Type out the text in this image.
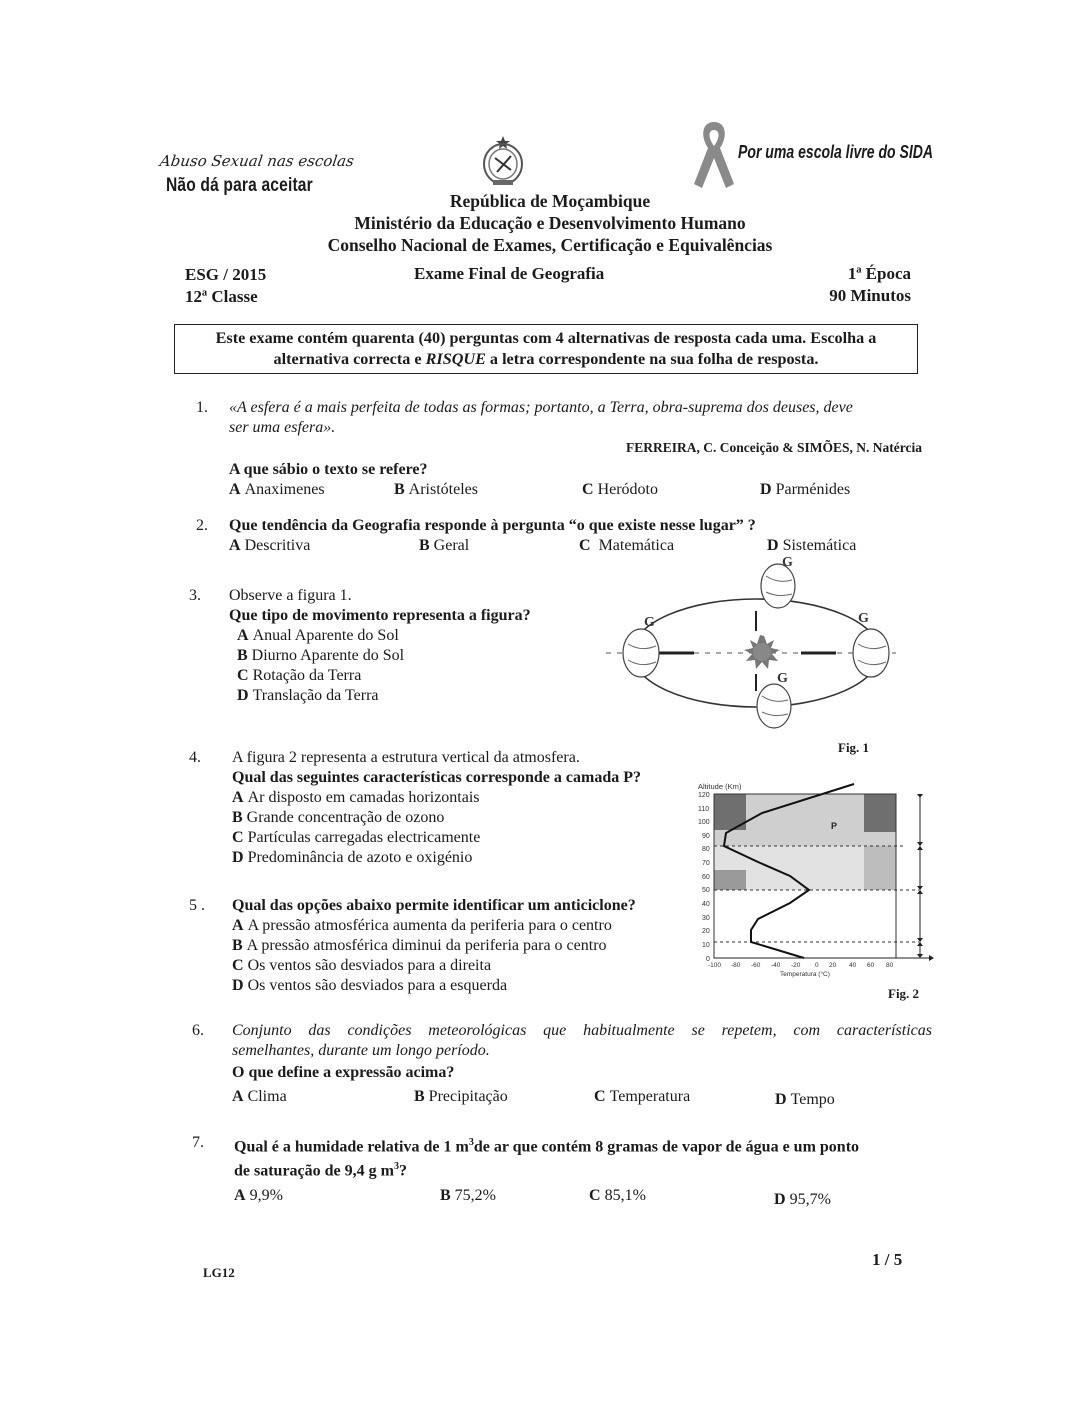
Abuso Sexual nas escolas
Não dá para aceitar
Por uma escola livre do SIDA
República de Moçambique
Ministério da Educação e Desenvolvimento Humano
Conselho Nacional de Exames, Certificação e Equivalências
ESG / 2015
12ª Classe
Exame Final de Geografia	1ª Época
90 Minutos
Este exame contém quarenta (40) perguntas com 4 alternativas de resposta cada uma. Escolha a
alternativa correcta e RISQUE a letra correspondente na sua folha de resposta.
1.	«A esfera é a mais perfeita de todas as formas; portanto, a Terra, obra-suprema dos deuses, deve
ser uma esfera».
FERREIRA, C. Conceição & SIMÕES, N. Natércia
A que sábio o texto se refere?
A Anaximenes	B Aristóteles	C Heródoto	D Parménides
2.	Que tendência da Geografia responde à pergunta “o que existe nesse lugar” ?
A Descritiva	B Geral	C Matemática	D Sistemática
3.	Observe a figura 1.
Que tipo de movimento representa a figura?
A Anual Aparente do Sol
B Diurno Aparente do Sol
C Rotação da Terra
D Translação da Terra
G
G	G
G
Fig. 1
4.	A figura 2 representa a estrutura vertical da atmosfera.
Qual das seguintes características corresponde a camada P?
A Ar disposto em camadas horizontais
B Grande concentração de ozono
C Partículas carregadas electricamente
D Predominância de azoto e oxigénio
Altitude (Km)
P
120
110
100
90
80
70
60
50
40
30
20
10
0
-100 -80 -60 -40 -20 0 20 40 60 80
Temperatura (°C)
Fig. 2
5 .	Qual das opções abaixo permite identificar um anticiclone?
A A pressão atmosférica aumenta da periferia para o centro
B A pressão atmosférica diminui da periferia para o centro
C Os ventos são desviados para a direita
D Os ventos são desviados para a esquerda
6.	Conjunto das condições meteorológicas que habitualmente se repetem, com características
semelhantes, durante um longo período.
O que define a expressão acima?
A Clima	B Precipitação	C Temperatura	D Tempo
7.	Qual é a humidade relativa de 1 $m^3de$ ar que contém 8 gramas de vapor de água e um ponto
de saturação de 9,4 g $m^3$?
A 9,9%	B 75,2%	C 85,1%	D 95,7%
1 / 5
LG12
